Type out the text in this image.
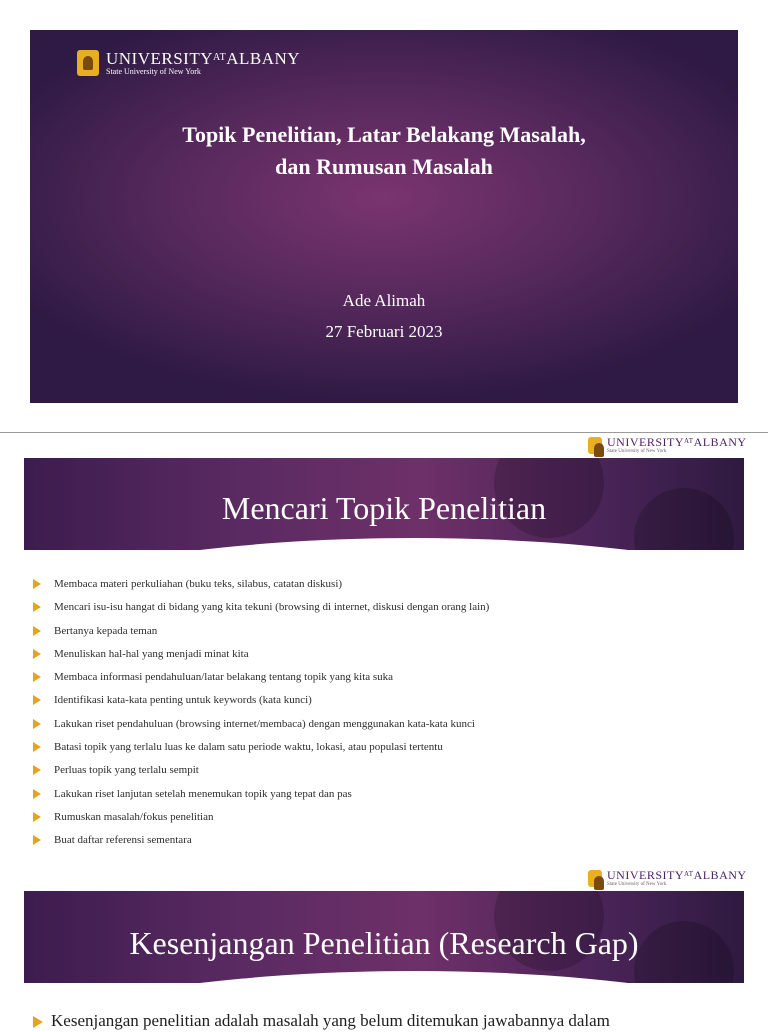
$UNIVERSITY^{AT}ALBANY$
State University of New York
Topik Penelitian, Latar Belakang Masalah,
dan Rumusan Masalah
Ade Alimah
27 Februari 2023
$UNIVERSITY^{AT}ALBANY$
State University of New York
Mencari Topik Penelitian
Membaca materi perkuliahan (buku teks, silabus, catatan diskusi)
Mencari isu-isu hangat di bidang yang kita tekuni (browsing di internet, diskusi dengan orang lain)
Bertanya kepada teman
Menuliskan hal-hal yang menjadi minat kita
Membaca informasi pendahuluan/latar belakang tentang topik yang kita suka
Identifikasi kata-kata penting untuk keywords (kata kunci)
Lakukan riset pendahuluan (browsing internet/membaca) dengan menggunakan kata-kata kunci
Batasi topik yang terlalu luas ke dalam satu periode waktu, lokasi, atau populasi tertentu
Perluas topik yang terlalu sempit
Lakukan riset lanjutan setelah menemukan topik yang tepat dan pas
Rumuskan masalah/fokus penelitian
Buat daftar referensi sementara
$UNIVERSITY^{AT}ALBANY$
State University of New York
Kesenjangan Penelitian (Research Gap)
Kesenjangan penelitian adalah masalah yang belum ditemukan jawabannya dalam
